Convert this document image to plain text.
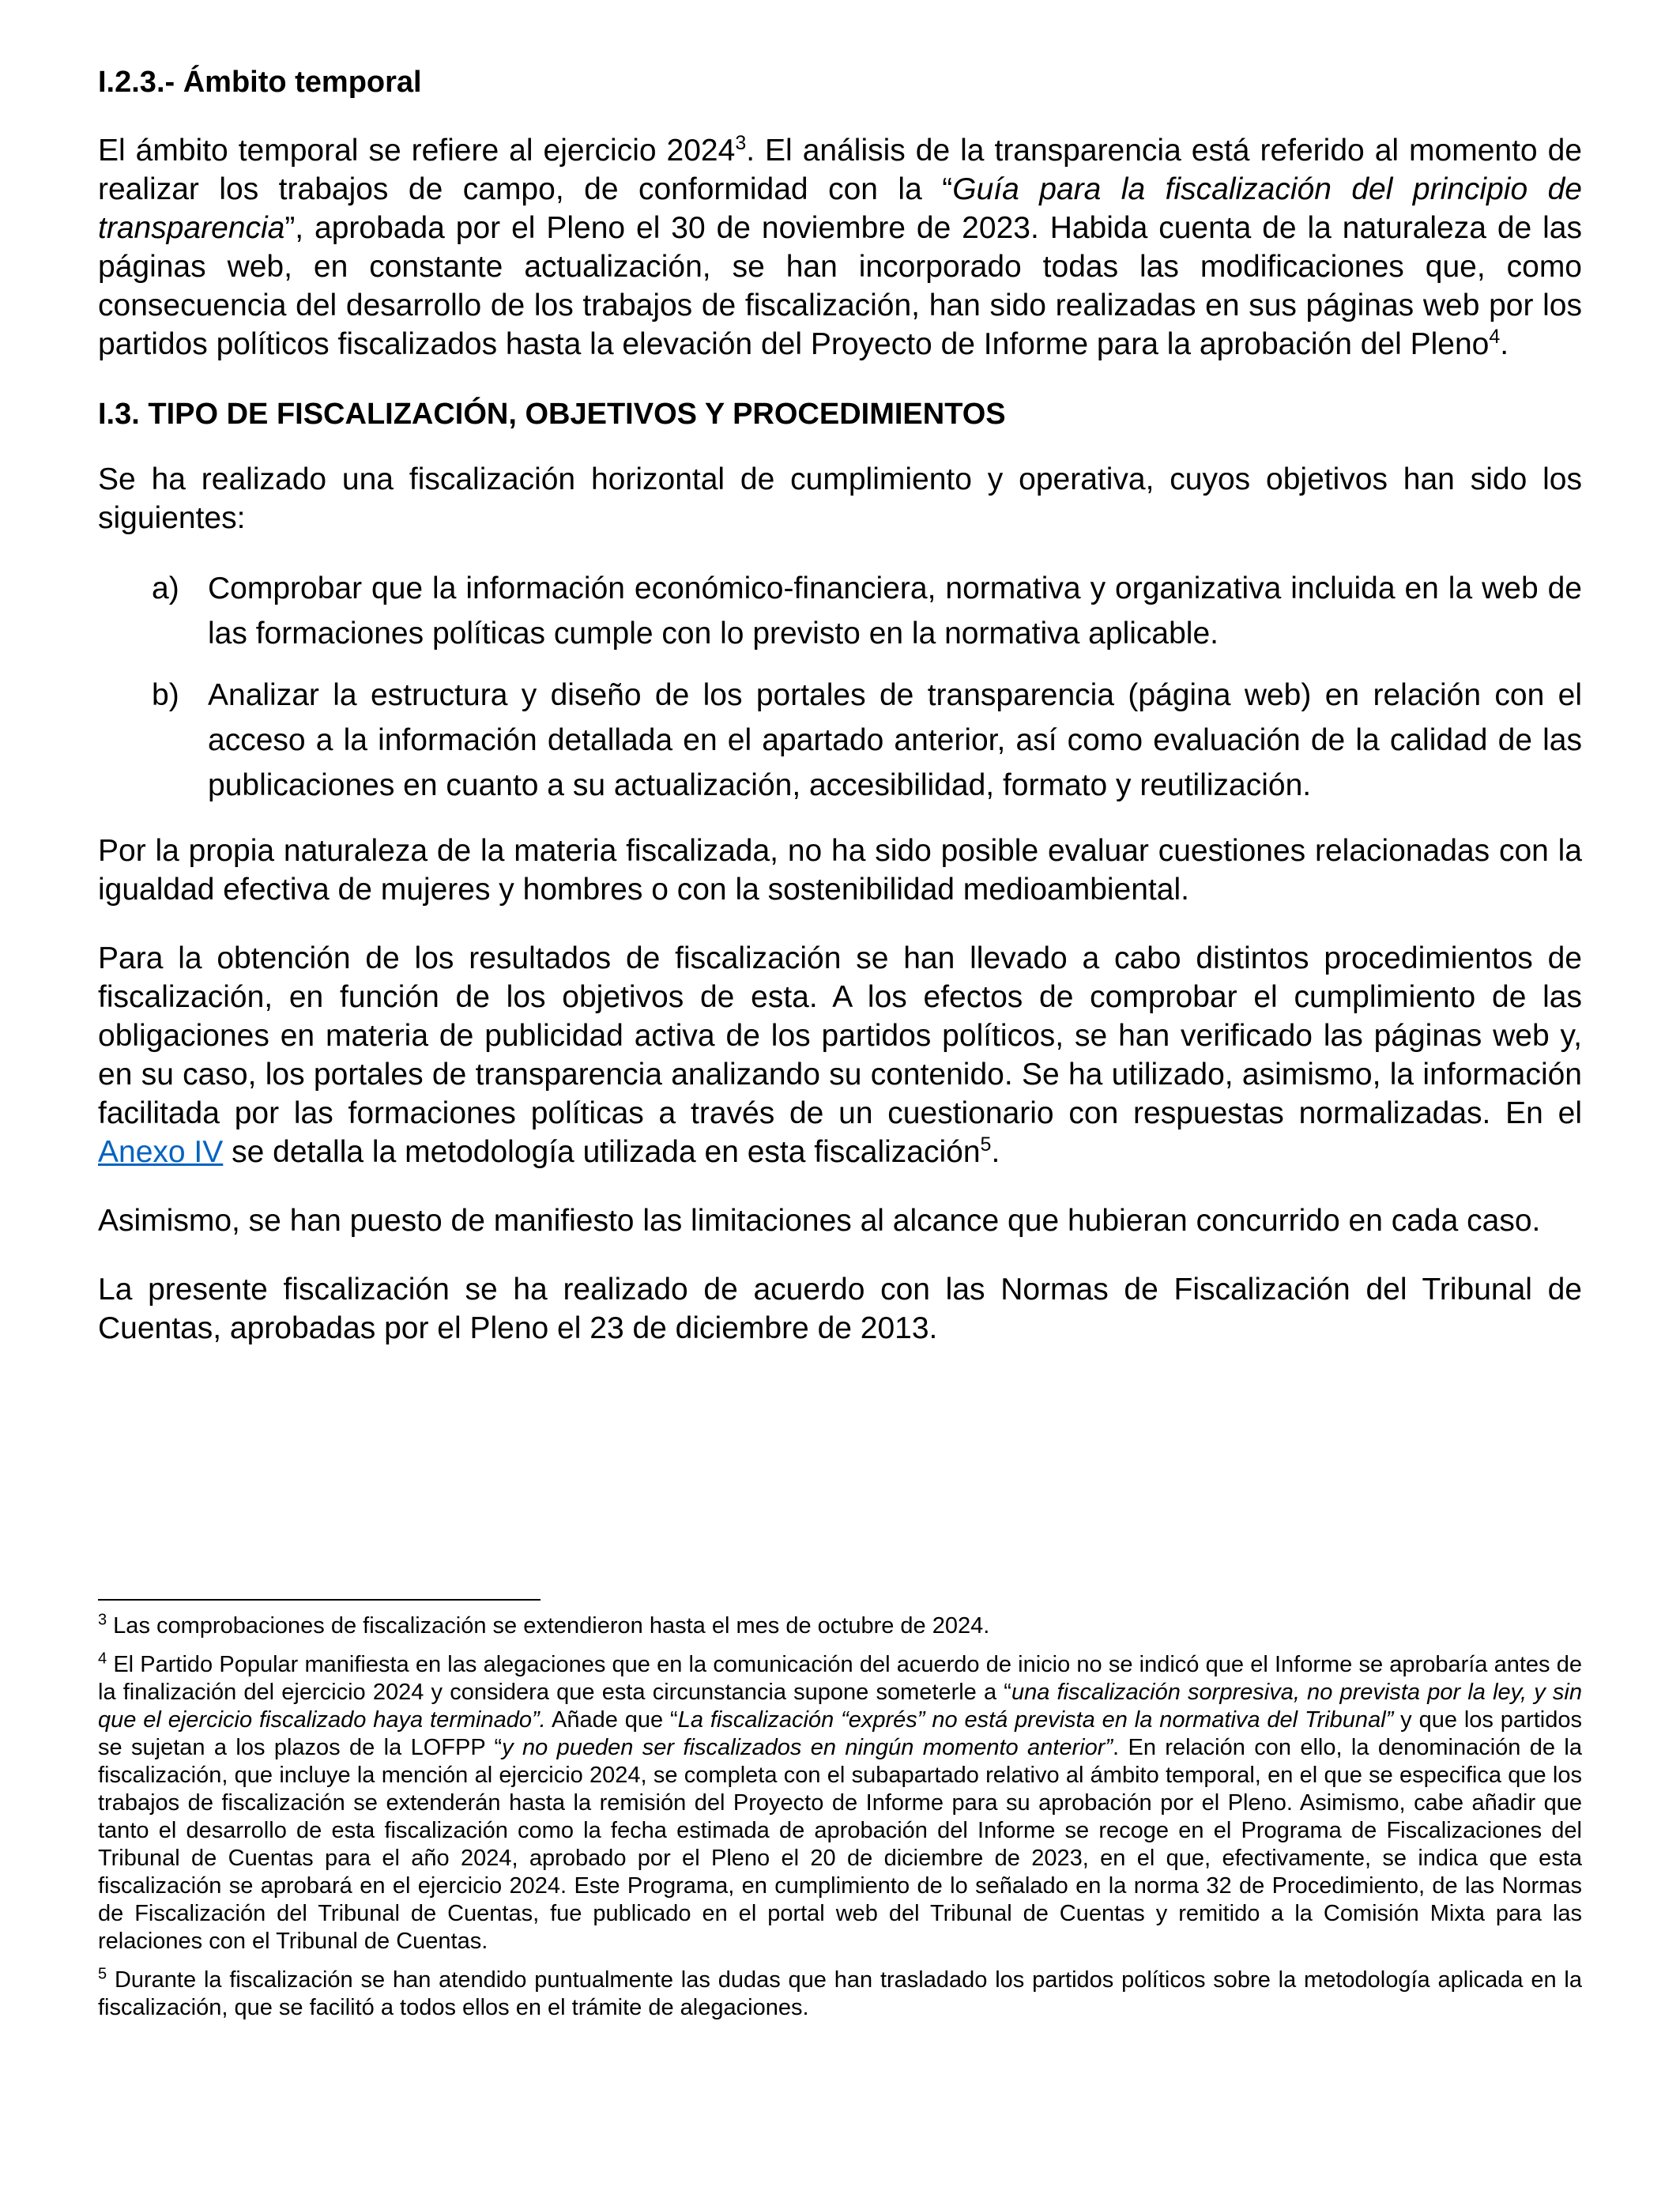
I.2.3.- Ámbito temporal

El ámbito temporal se refiere al ejercicio 2024$^3$. El análisis de la transparencia está referido al momento de realizar los trabajos de campo, de conformidad con la “Guía para la fiscalización del principio de transparencia”, aprobada por el Pleno el 30 de noviembre de 2023. Habida cuenta de la naturaleza de las páginas web, en constante actualización, se han incorporado todas las modificaciones que, como consecuencia del desarrollo de los trabajos de fiscalización, han sido realizadas en sus páginas web por los partidos políticos fiscalizados hasta la elevación del Proyecto de Informe para la aprobación del Pleno$^4$.

I.3. TIPO DE FISCALIZACIÓN, OBJETIVOS Y PROCEDIMIENTOS

Se ha realizado una fiscalización horizontal de cumplimiento y operativa, cuyos objetivos han sido los siguientes:

a) Comprobar que la información económico-financiera, normativa y organizativa incluida en la web de las formaciones políticas cumple con lo previsto en la normativa aplicable.
b) Analizar la estructura y diseño de los portales de transparencia (página web) en relación con el acceso a la información detallada en el apartado anterior, así como evaluación de la calidad de las publicaciones en cuanto a su actualización, accesibilidad, formato y reutilización.

Por la propia naturaleza de la materia fiscalizada, no ha sido posible evaluar cuestiones relacionadas con la igualdad efectiva de mujeres y hombres o con la sostenibilidad medioambiental.

Para la obtención de los resultados de fiscalización se han llevado a cabo distintos procedimientos de fiscalización, en función de los objetivos de esta. A los efectos de comprobar el cumplimiento de las obligaciones en materia de publicidad activa de los partidos políticos, se han verificado las páginas web y, en su caso, los portales de transparencia analizando su contenido. Se ha utilizado, asimismo, la información facilitada por las formaciones políticas a través de un cuestionario con respuestas normalizadas. En el Anexo IV se detalla la metodología utilizada en esta fiscalización$^5$.

Asimismo, se han puesto de manifiesto las limitaciones al alcance que hubieran concurrido en cada caso.

La presente fiscalización se ha realizado de acuerdo con las Normas de Fiscalización del Tribunal de Cuentas, aprobadas por el Pleno el 23 de diciembre de 2013.

$^3$ Las comprobaciones de fiscalización se extendieron hasta el mes de octubre de 2024.

$^4$ El Partido Popular manifiesta en las alegaciones que en la comunicación del acuerdo de inicio no se indicó que el Informe se aprobaría antes de la finalización del ejercicio 2024 y considera que esta circunstancia supone someterle a “una fiscalización sorpresiva, no prevista por la ley, y sin que el ejercicio fiscalizado haya terminado”. Añade que “La fiscalización “exprés” no está prevista en la normativa del Tribunal” y que los partidos se sujetan a los plazos de la LOFPP “y no pueden ser fiscalizados en ningún momento anterior”. En relación con ello, la denominación de la fiscalización, que incluye la mención al ejercicio 2024, se completa con el subapartado relativo al ámbito temporal, en el que se especifica que los trabajos de fiscalización se extenderán hasta la remisión del Proyecto de Informe para su aprobación por el Pleno. Asimismo, cabe añadir que tanto el desarrollo de esta fiscalización como la fecha estimada de aprobación del Informe se recoge en el Programa de Fiscalizaciones del Tribunal de Cuentas para el año 2024, aprobado por el Pleno el 20 de diciembre de 2023, en el que, efectivamente, se indica que esta fiscalización se aprobará en el ejercicio 2024. Este Programa, en cumplimiento de lo señalado en la norma 32 de Procedimiento, de las Normas de Fiscalización del Tribunal de Cuentas, fue publicado en el portal web del Tribunal de Cuentas y remitido a la Comisión Mixta para las relaciones con el Tribunal de Cuentas.

$^5$ Durante la fiscalización se han atendido puntualmente las dudas que han trasladado los partidos políticos sobre la metodología aplicada en la fiscalización, que se facilitó a todos ellos en el trámite de alegaciones.
